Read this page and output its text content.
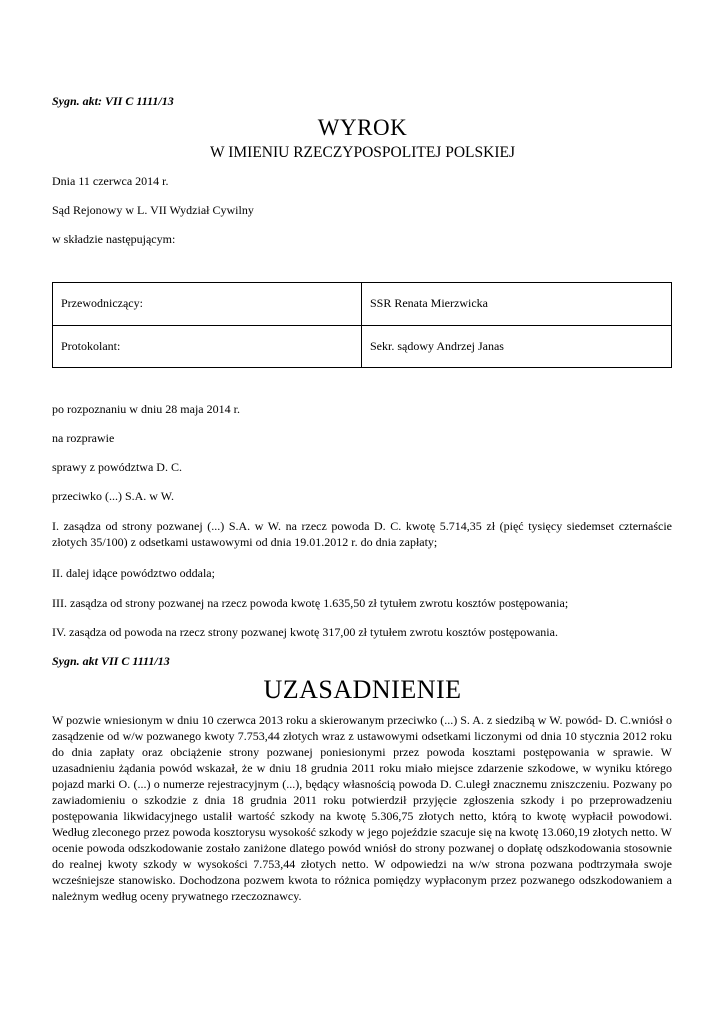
Sygn. akt: VII C 1111/13
WYROK
W IMIENIU RZECZYPOSPOLITEJ POLSKIEJ
Dnia 11 czerwca 2014 r.
Sąd Rejonowy w L. VII Wydział Cywilny
w składzie następującym:
Przewodniczący:	SSR Renata Mierzwicka
Protokolant:	Sekr. sądowy Andrzej Janas
po rozpoznaniu w dniu 28 maja 2014 r.
na rozprawie
sprawy z powództwa D. C.
przeciwko (...) S.A. w W.
I. zasądza od strony pozwanej (...) S.A. w W. na rzecz powoda D. C. kwotę 5.714,35 zł (pięć tysięcy siedemset czternaście złotych 35/100) z odsetkami ustawowymi od dnia 19.01.2012 r. do dnia zapłaty;
II. dalej idące powództwo oddala;
III. zasądza od strony pozwanej na rzecz powoda kwotę 1.635,50 zł tytułem zwrotu kosztów postępowania;
IV. zasądza od powoda na rzecz strony pozwanej kwotę 317,00 zł tytułem zwrotu kosztów postępowania.
Sygn. akt VII C 1111/13
UZASADNIENIE
W pozwie wniesionym w dniu 10 czerwca 2013 roku a skierowanym przeciwko (...) S. A. z siedzibą w W. powód- D. C.wniósł o zasądzenie od w/w pozwanego kwoty 7.753,44 złotych wraz z ustawowymi odsetkami liczonymi od dnia 10 stycznia 2012 roku do dnia zapłaty oraz obciążenie strony pozwanej poniesionymi przez powoda kosztami postępowania w sprawie. W uzasadnieniu żądania powód wskazał, że w dniu 18 grudnia 2011 roku miało miejsce zdarzenie szkodowe, w wyniku którego pojazd marki O. (...) o numerze rejestracyjnym (...), będący własnością powoda D. C.uległ znacznemu zniszczeniu. Pozwany po zawiadomieniu o szkodzie z dnia 18 grudnia 2011 roku potwierdził przyjęcie zgłoszenia szkody i po przeprowadzeniu postępowania likwidacyjnego ustalił wartość szkody na kwotę 5.306,75 złotych netto, którą to kwotę wypłacił powodowi. Według zleconego przez powoda kosztorysu wysokość szkody w jego pojeździe szacuje się na kwotę 13.060,19 złotych netto. W ocenie powoda odszkodowanie zostało zaniżone dlatego powód wniósł do strony pozwanej o dopłatę odszkodowania stosownie do realnej kwoty szkody w wysokości 7.753,44 złotych netto. W odpowiedzi na w/w strona pozwana podtrzymała swoje wcześniejsze stanowisko. Dochodzona pozwem kwota to różnica pomiędzy wypłaconym przez pozwanego odszkodowaniem a należnym według oceny prywatnego rzeczoznawcy.
